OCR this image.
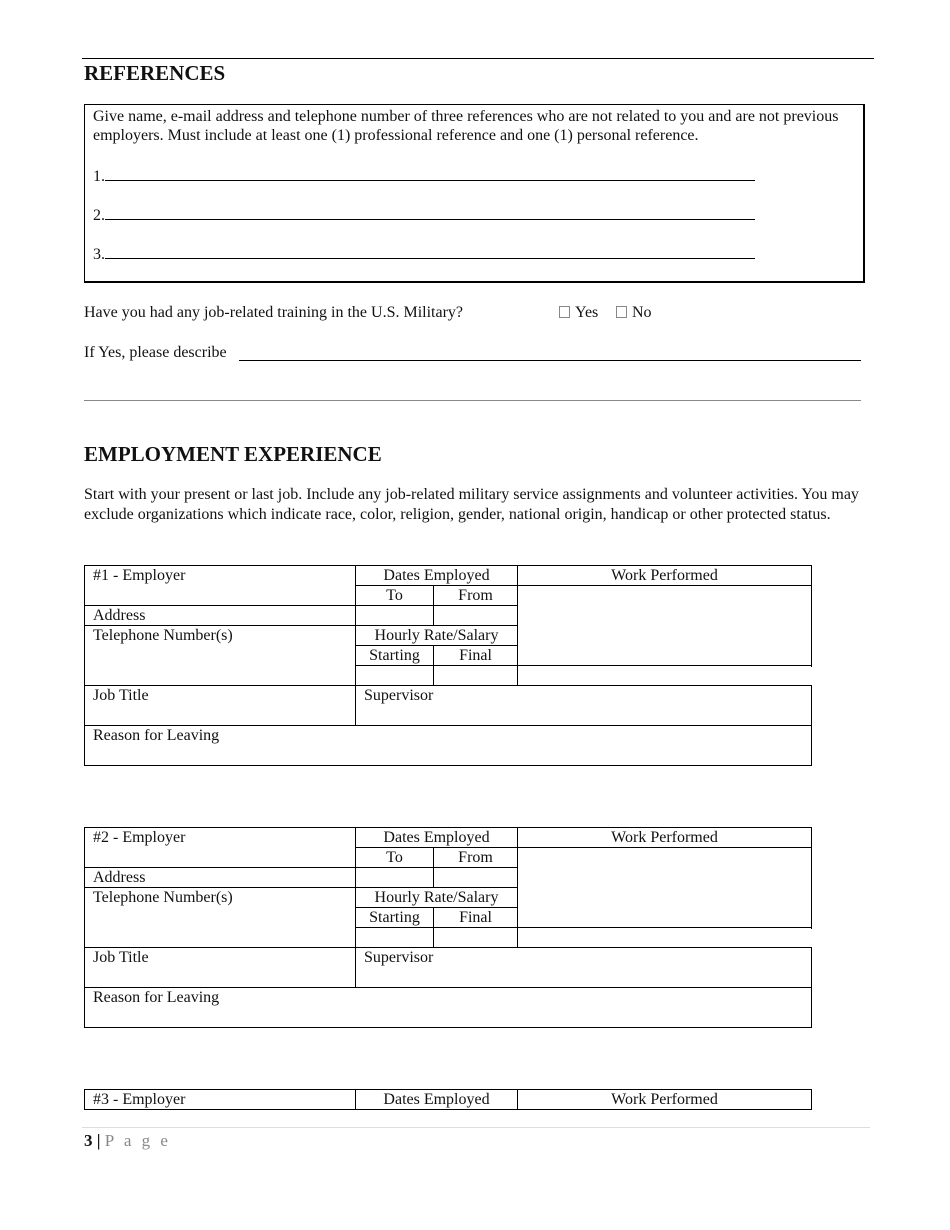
REFERENCES
Give name, e-mail address and telephone number of three references who are not related to you and are not previous employers. Must include at least one (1) professional reference and one (1) personal reference.
1.
2.
3.
Have you had any job-related training in the U.S. Military?	Yes	No
If Yes, please describe
EMPLOYMENT EXPERIENCE
Start with your present or last job. Include any job-related military service assignments and volunteer activities. You may exclude organizations which indicate race, color, religion, gender, national origin, handicap or other protected status.
#1 - Employer	Dates Employed		Work Performed
	To	From	
Address			

Telephone Number(s)	Hourly Rate/Salary		
	Starting	Final	

Job Title	Supervisor		
Reason for Leaving			
#2 - Employer	Dates Employed		Work Performed
	To	From	
Address			

Telephone Number(s)	Hourly Rate/Salary		
	Starting	Final	

Job Title	Supervisor		
Reason for Leaving			
#3 - Employer	Dates Employed	Work Performed
3 | P a g e
